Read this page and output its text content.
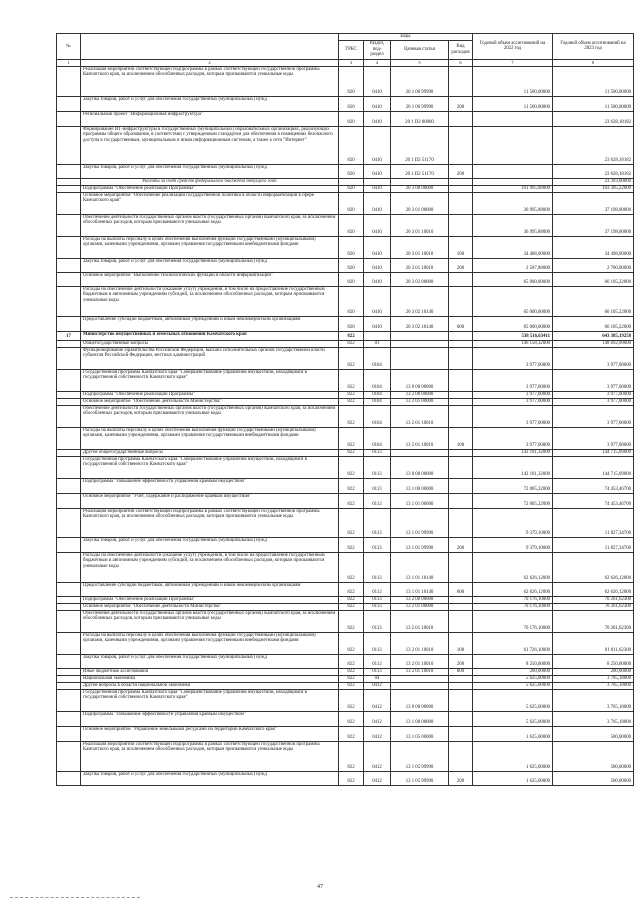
№		коды				Годовой объем ассигнований на 2022 год	Годовой объем ассигнований на 2023 год
		ГРБС	Раздел, под-раздел	Целевая статья	Вид расходов		
1	2	3	4	5	6	7	8
	Реализация мероприятий соответствующей подпрограммы в рамках соответствующей государственной программы Камчатского края, за исключением обособленных расходов, которым присваиваются уникальные коды	820	0410	20 1 06 99990		11 500,00000	11 500,00000
	Закупка товаров, работ и услуг для обеспечения государственных (муниципальных) нужд	820	0410	20 1 06 99990	200	11 500,00000	11 500,00000
	Региональный проект "Информационная инфраструктура"	820	0410	20 1 D2 00000			23 628,18182
	Формирование ИТ-инфраструктуры в государственных (муниципальных) образовательных организациях, реализующих программы общего образования, в соответствии с утвержденным стандартом для обеспечения в помещениях безопасного доступа к государственным, муниципальным и иным информационным системам, а также к сети "Интернет"	820	0410	20 1 D2 51170			23 628,18182
	Закупка товаров, работ и услуг для обеспечения государственных (муниципальных) нужд	820	0410	20 1 D2 51170	200		23 628,18182
	Расходы за счет средств федерального бюджета текущего года						23 393,00000
	Подпрограмма "Обеспечение реализации Программы"	820	0410	20 3 00 00000		101 995,88000	103 305,22000
	Основное мероприятие "Обеспечение реализации государственной политики в области информатизации в сфере Камчатского края"	820	0410	20 3 01 00000		36 995,88000	37 198,00000
	Обеспечение деятельности государственных органов власти (государственных органов) Камчатского края, за исключением обособленных расходов, которым присваиваются уникальные коды	820	0410	20 3 01 10010		36 995,88000	37 198,00000
	Расходы на выплаты персоналу в целях обеспечения выполнения функций государственными (муниципальными) органами, казенными учреждениями, органами управления государственными внебюджетными фондами	820	0410	20 3 01 10010	100	34 408,00000	34 498,00000
	Закупка товаров, работ и услуг для обеспечения государственных (муниципальных) нужд	820	0410	20 3 01 10010	200	2 587,88000	2 700,00000
	Основное мероприятие "Выполнение технологических функций в области информатизации"	820	0410	20 3 02 00000		65 000,00000	66 105,22000
	Расходы на обеспечение деятельности (оказание услуг) учреждений, в том числе на предоставление государственным бюджетным и автономным учреждениям субсидий, за исключением обособленных расходов, которым присваиваются уникальные коды	820	0410	20 3 02 10140		65 000,00000	66 105,22000
	Предоставление субсидий бюджетным, автономным учреждениям и иным некоммерческим организациям	820	0410	20 3 02 10140	600	65 000,00000	66 105,22000
17	Министерство имущественных и земельных отношений Камчатского края	822				538 516,63411	643 385,19258
	Общегосударственные вопросы	822	01			146 158,32000	148 692,09000
	Функционирование Правительства Российской Федерации, высших исполнительных органов государственной власти субъектов Российской Федерации, местных администраций	822	0104			3 977,00000	3 977,00000
	Государственная программа Камчатского края "Совершенствование управления имуществом, находящимся в государственной собственности Камчатского края"	822	0104	13 0 00 00000		3 977,00000	3 977,00000
	Подпрограмма "Обеспечение реализации Программы"	822	0104	13 2 00 00000		3 977,00000	3 977,00000
	Основное мероприятие "Обеспечение деятельности Министерства"	822	0104	13 2 01 00000		3 977,00000	3 977,00000
	Обеспечение деятельности государственных органов власти (государственных органов) Камчатского края, за исключением обособленных расходов, которым присваиваются уникальные коды	822	0104	13 2 01 10010		3 977,00000	3 977,00000
	Расходы на выплаты персоналу в целях обеспечения выполнения функций государственными (муниципальными) органами, казенными учреждениями, органами управления государственными внебюджетными фондами	822	0104	13 2 01 10010	100	3 977,00000	3 977,00000
	Другие общегосударственные вопросы	822	0113			142 181,32000	144 715,09000
	Государственная программа Камчатского края "Совершенствование управления имуществом, находящимся в государственной собственности Камчатского края"	822	0113	13 0 00 00000		142 181,32000	144 715,09000
	Подпрограмма "Повышение эффективности управления краевым имуществом"	822	0113	13 1 00 00000		72 005,22000	74 453,46700
	Основное мероприятие "Учет, содержание и распоряжение краевым имуществом"	822	0113	13 1 01 00000		72 005,22000	74 453,46700
	Реализация мероприятий соответствующей подпрограммы в рамках соответствующей государственной программы Камчатского края, за исключением обособленных расходов, которым присваиваются уникальные коды	822	0113	13 1 01 99990		9 379,10000	11 827,34700
	Закупка товаров, работ и услуг для обеспечения государственных (муниципальных) нужд	822	0113	13 1 01 99990	200	9 379,10000	11 827,34700
	Расходы на обеспечение деятельности (оказание услуг) учреждений, в том числе на предоставление государственным бюджетным и автономным учреждениям субсидий, за исключением обособленных расходов, которым присваиваются уникальные коды	822	0113	13 1 01 10140		62 626,12000	62 626,12000
	Предоставление субсидий бюджетным, автономным учреждениям и иным некоммерческим организациям	822	0113	13 1 01 10140	600	62 626,12000	62 626,12000
	Подпрограмма "Обеспечение реализации Программы"	822	0113	13 2 00 00000		70 176,10000	70 261,62300
	Основное мероприятие "Обеспечение деятельности Министерства"	822	0113	13 2 01 00000		70 176,10000	70 261,62300
	Обеспечение деятельности государственных органов власти (государственных органов) Камчатского края, за исключением обособленных расходов, которым присваиваются уникальные коды	822	0113	13 2 01 10010		70 176,10000	70 261,62300
	Расходы на выплаты персоналу в целях обеспечения выполнения функций государственными (муниципальными) органами, казенными учреждениями, органами управления государственными внебюджетными фондами	822	0113	13 2 01 10010	100	61 726,10000	61 811,62300
	Закупка товаров, работ и услуг для обеспечения государственных (муниципальных) нужд	822	0113	13 2 01 10010	200	8 250,00000	8 250,00000
	Иные бюджетные ассигнования	822	0113	13 2 01 10010	800	200,00000	200,00000
	Национальная экономика	822	04			5 625,00000	3 765,18000
	Другие вопросы в области национальной экономики	822	0412			5 625,00000	3 765,18000
	Государственная программа Камчатского края "Совершенствование управления имуществом, находящимся в государственной собственности Камчатского края"	822	0412	13 0 00 00000		5 625,00000	3 765,18000
	Подпрограмма "Повышение эффективности управления краевым имуществом"	822	0412	13 1 00 00000		5 625,00000	3 765,18000
	Основное мероприятие "Управление земельными ресурсами на территории Камчатского края"	822	0412	13 1 05 00000		1 625,00000	500,00000
	Реализация мероприятий соответствующей подпрограммы в рамках соответствующей государственной программы Камчатского края, за исключением обособленных расходов, которым присваиваются уникальные коды	822	0412	13 1 05 99990		1 625,00000	500,00000
	Закупка товаров, работ и услуг для обеспечения государственных (муниципальных) нужд	822	0412	13 1 05 99990	200	1 625,00000	500,00000
47
